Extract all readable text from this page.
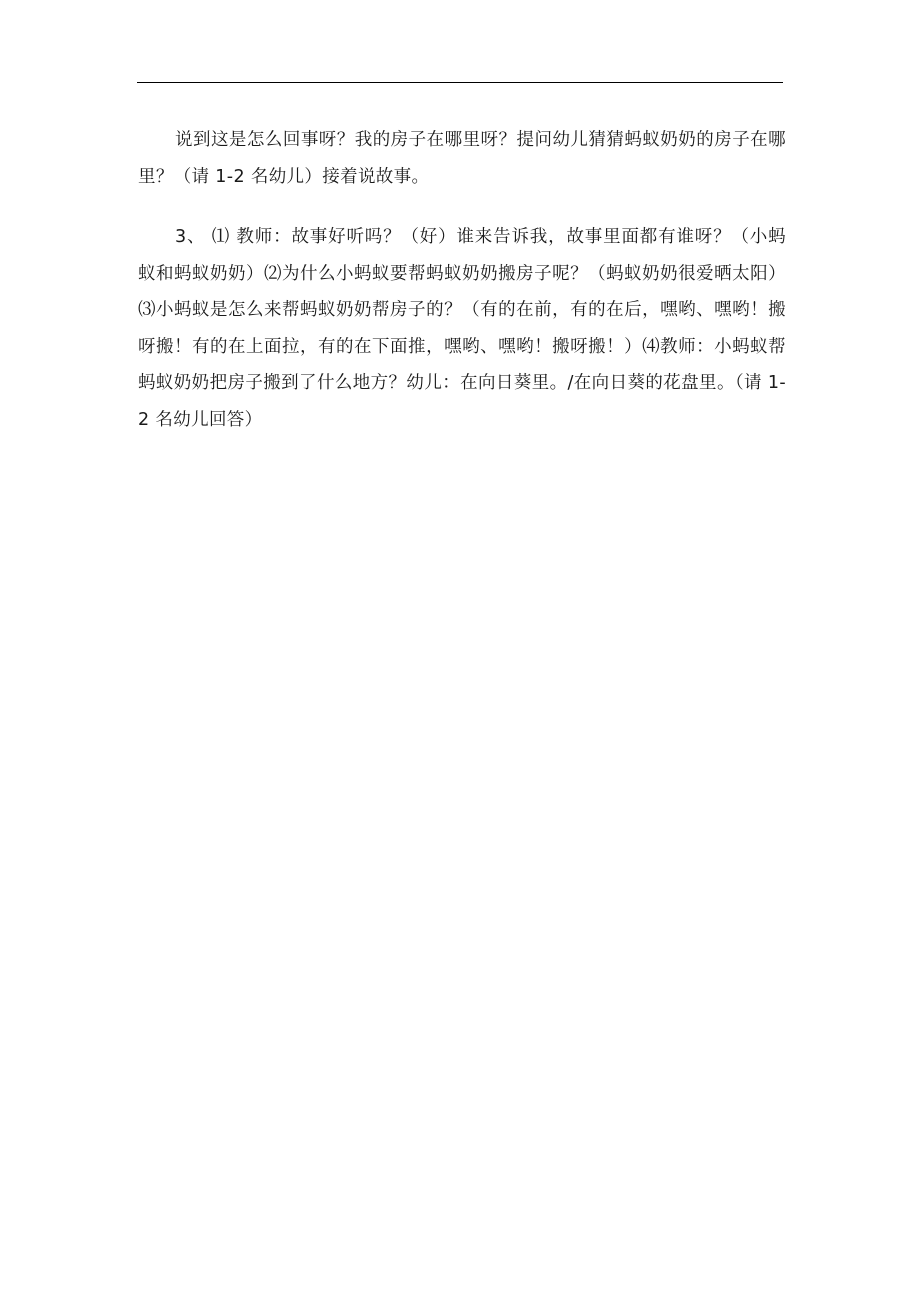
说到这是怎么回事呀？我的房子在哪里呀？提问幼儿猜猜蚂蚁奶奶的房子在哪里？（请 1-2 名幼儿）接着说故事。

3、 ⑴ 教师：故事好听吗？（好）谁来告诉我，故事里面都有谁呀？（小蚂蚁和蚂蚁奶奶）⑵为什么小蚂蚁要帮蚂蚁奶奶搬房子呢？（蚂蚁奶奶很爱晒太阳）⑶小蚂蚁是怎么来帮蚂蚁奶奶帮房子的？（有的在前，有的在后，嘿哟、嘿哟！搬呀搬！有的在上面拉，有的在下面推，嘿哟、嘿哟！搬呀搬！）⑷教师：小蚂蚁帮蚂蚁奶奶把房子搬到了什么地方？幼儿：在向日葵里。/在向日葵的花盘里。（请 1-2 名幼儿回答）
